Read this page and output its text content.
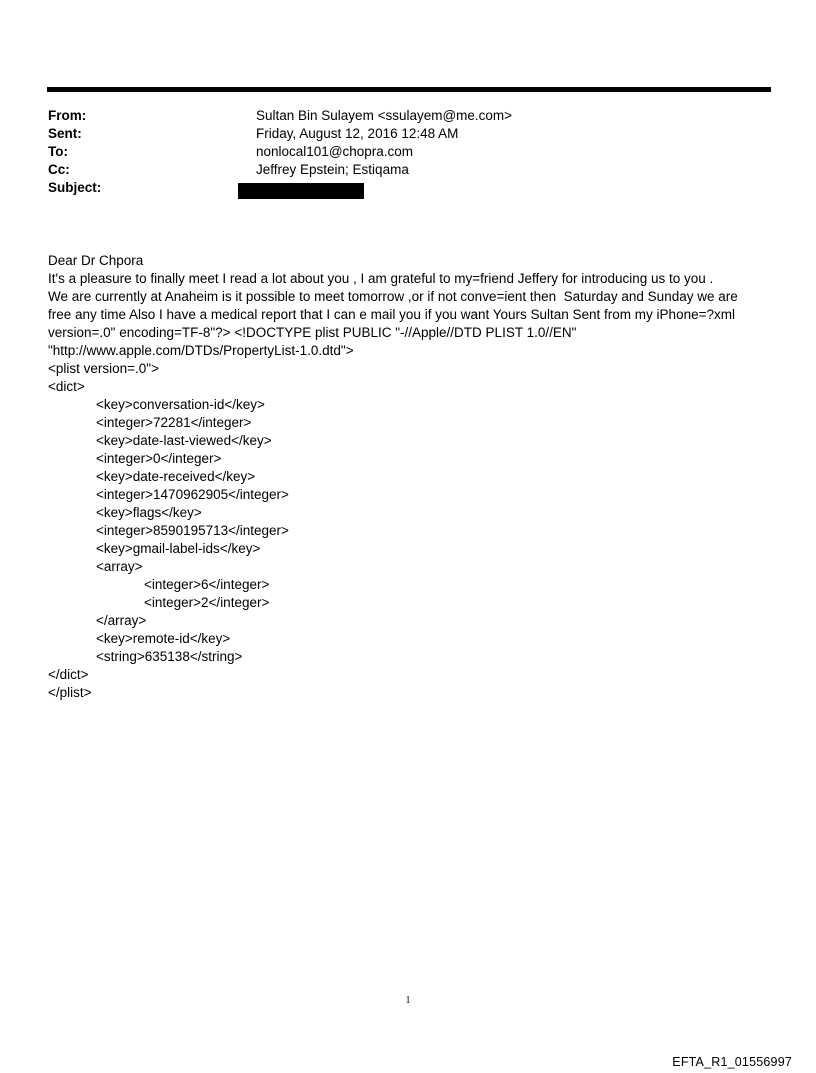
From:	Sultan Bin Sulayem <ssulayem@me.com>
Sent:	Friday, August 12, 2016 12:48 AM
To:	nonlocal101@chopra.com
Cc:	Jeffrey Epstein; Estiqama
Subject:

Dear Dr Chpora

It's a pleasure to finally meet I read a lot about you , I am grateful to my=friend Jeffery for introducing us to you .

We are currently at Anaheim is it possible to meet tomorrow ,or if not conve=ient then  Saturday and Sunday we are

free any time Also I have a medical report that I can e mail you if you want Yours Sultan Sent from my iPhone=?xml

version=.0" encoding=TF-8"?> <!DOCTYPE plist PUBLIC "-//Apple//DTD PLIST 1.0//EN"

"http://www.apple.com/DTDs/PropertyList-1.0.dtd">

<plist version=.0">

<dict>

<key>conversation-id</key>

<integer>72281</integer>

<key>date-last-viewed</key>

<integer>0</integer>

<key>date-received</key>

<integer>1470962905</integer>

<key>flags</key>

<integer>8590195713</integer>

<key>gmail-label-ids</key>

<array>

<integer>6</integer>

<integer>2</integer>

</array>

<key>remote-id</key>

<string>635138</string>

</dict>

</plist>

1
EFTA_R1_01556997
